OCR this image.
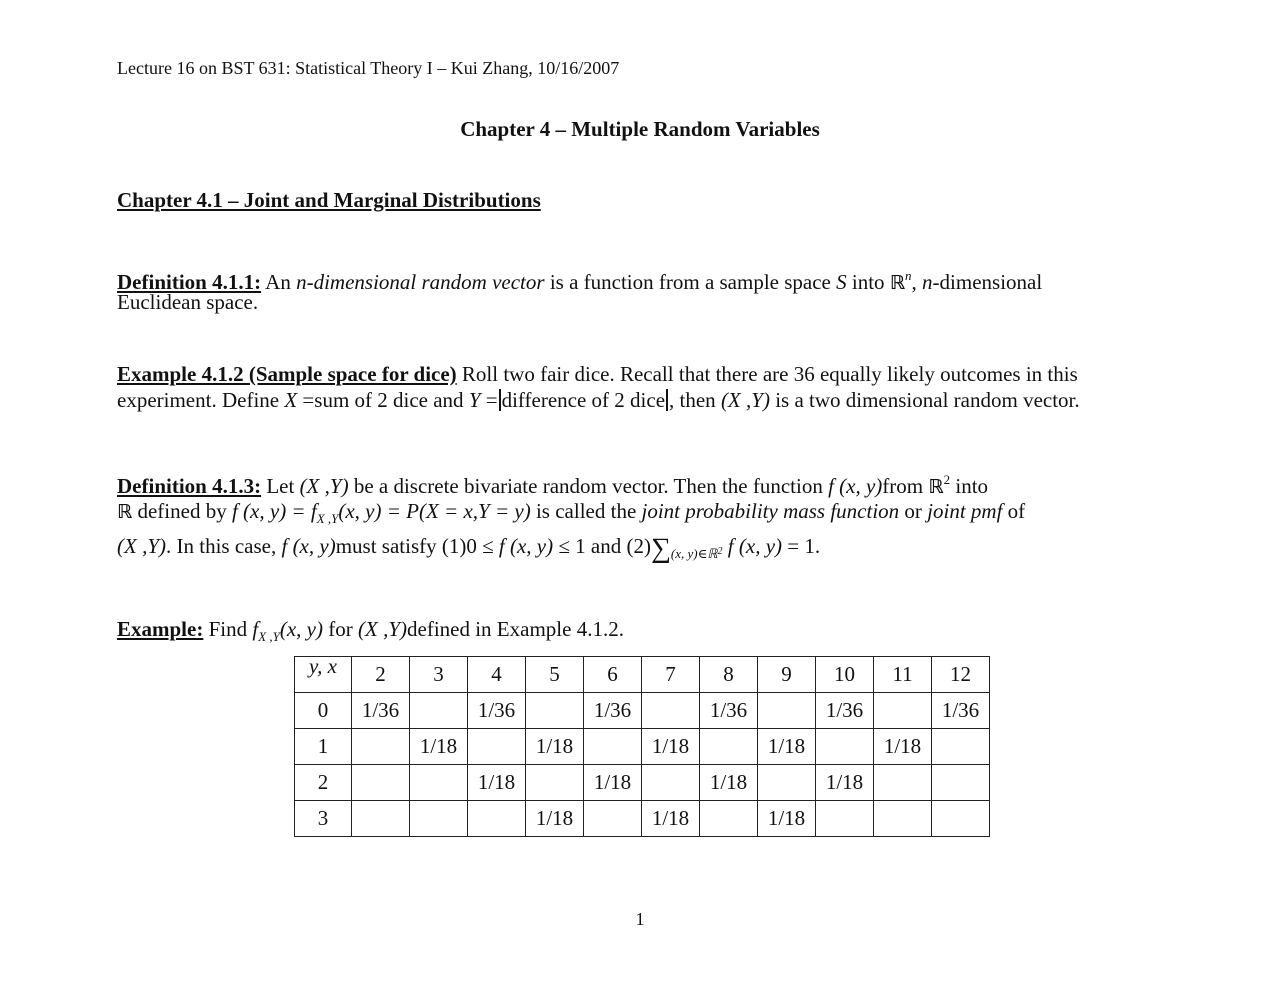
Lecture 16 on BST 631: Statistical Theory I – Kui Zhang, 10/16/2007
Chapter 4 – Multiple Random Variables
Chapter 4.1 – Joint and Marginal Distributions
Definition 4.1.1: An n-dimensional random vector is a function from a sample space S into ℝ$^n$, n-dimensional
Euclidean space.
Example 4.1.2 (Sample space for dice) Roll two fair dice. Recall that there are 36 equally likely outcomes in this
experiment. Define X =sum of 2 dice and Y = difference of 2 dice , then (X ,Y) is a two dimensional random vector.
Definition 4.1.3: Let (X ,Y) be a discrete bivariate random vector. Then the function f (x, y)from ℝ$^2$ into
ℝ defined by f (x, $y) = f_{X ,Y}(x$, y) = P(X = x,Y = y) is called the joint probability mass function or joint pmf of
(X ,Y). In this case, f (x, y)must satisfy (1)0 ≤ f (x, y) ≤ 1 and $(2)\sum_{(x, y)\in ℝ}2$ f (x, y) = 1.
Example: Find $f_{X ,Y}(x$, y) for (X ,Y)defined in Example 4.1.2.
y, x	2	3	4	5	6	7	8	9	10	11	12
0	1/36		1/36		1/36		1/36		1/36		1/36
1		1/18		1/18		1/18		1/18		1/18	
2			1/18		1/18		1/18		1/18		
3				1/18		1/18		1/18			
1
